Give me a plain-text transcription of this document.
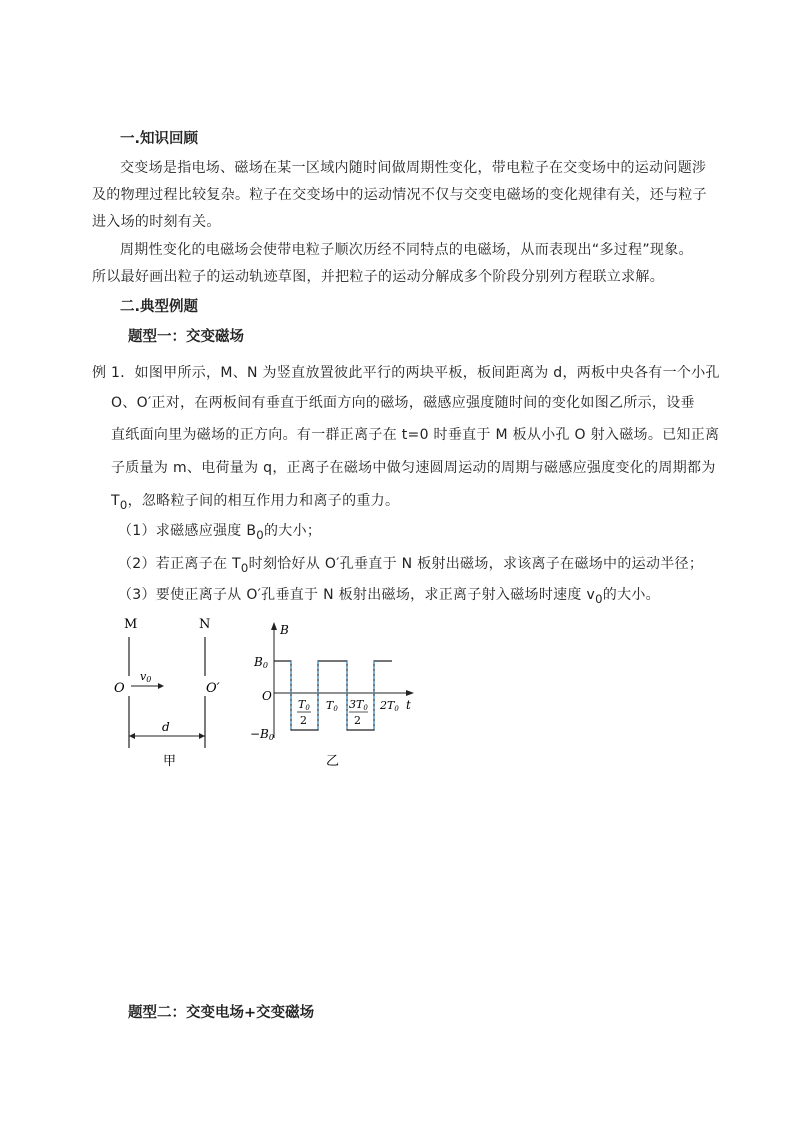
一.知识回顾
交变场是指电场、磁场在某一区域内随时间做周期性变化，带电粒子在交变场中的运动问题涉
及的物理过程比较复杂。粒子在交变场中的运动情况不仅与交变电磁场的变化规律有关，还与粒子
进入场的时刻有关。
周期性变化的电磁场会使带电粒子顺次历经不同特点的电磁场，从而表现出“多过程”现象。
所以最好画出粒子的运动轨迹草图，并把粒子的运动分解成多个阶段分别列方程联立求解。
二.典型例题
题型一：交变磁场
例 1．如图甲所示，M、N 为竖直放置彼此平行的两块平板，板间距离为 d，两板中央各有一个小孔
O、O′正对，在两板间有垂直于纸面方向的磁场，磁感应强度随时间的变化如图乙所示，设垂
直纸面向里为磁场的正方向。有一群正离子在 t=0 时垂直于 M 板从小孔 O 射入磁场。已知正离
子质量为 m、电荷量为 q，正离子在磁场中做匀速圆周运动的周期与磁感应强度变化的周期都为
$T_0$，忽略粒子间的相互作用力和离子的重力。
（1）求磁感应强度 $B_0$的大小；
（2）若正离子在 $T_0$时刻恰好从 O′孔垂直于 N 板射出磁场，求该离子在磁场中的运动半径；
（3）要使正离子从 O′孔垂直于 N 板射出磁场，求正离子射入磁场时速度 $v_0$的大小。
M	N
O	O′
v0
d
甲
B
t
O
B0
−B0
T0
2
T0 3T0
2
2T0
乙
题型二：交变电场+交变磁场
